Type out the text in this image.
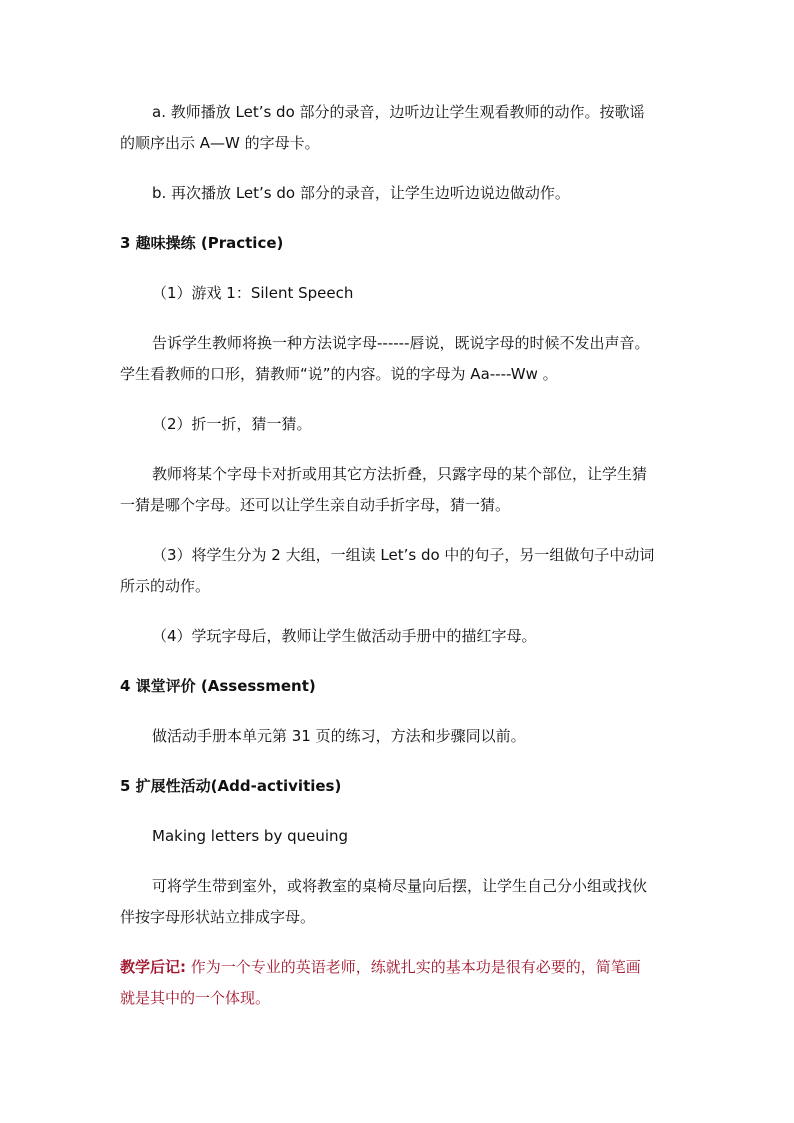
a. 教师播放 Let’s do 部分的录音，边听边让学生观看教师的动作。按歌谣
的顺序出示 A—W 的字母卡。
b. 再次播放 Let’s do 部分的录音，让学生边听边说边做动作。
3 趣味操练 (Practice)
（1）游戏 1：Silent Speech
告诉学生教师将换一种方法说字母------唇说，既说字母的时候不发出声音。
学生看教师的口形，猜教师“说”的内容。说的字母为 Aa----Ww 。
（2）折一折，猜一猜。
教师将某个字母卡对折或用其它方法折叠，只露字母的某个部位，让学生猜
一猜是哪个字母。还可以让学生亲自动手折字母，猜一猜。
（3）将学生分为 2 大组，一组读 Let’s do 中的句子，另一组做句子中动词
所示的动作。
（4）学玩字母后，教师让学生做活动手册中的描红字母。
4 课堂评价 (Assessment)
做活动手册本单元第 31 页的练习，方法和步骤同以前。
5 扩展性活动(Add-activities)
Making letters by queuing
可将学生带到室外，或将教室的桌椅尽量向后摆，让学生自己分小组或找伙
伴按字母形状站立排成字母。
教学后记: 作为一个专业的英语老师，练就扎实的基本功是很有必要的，简笔画
就是其中的一个体现。
